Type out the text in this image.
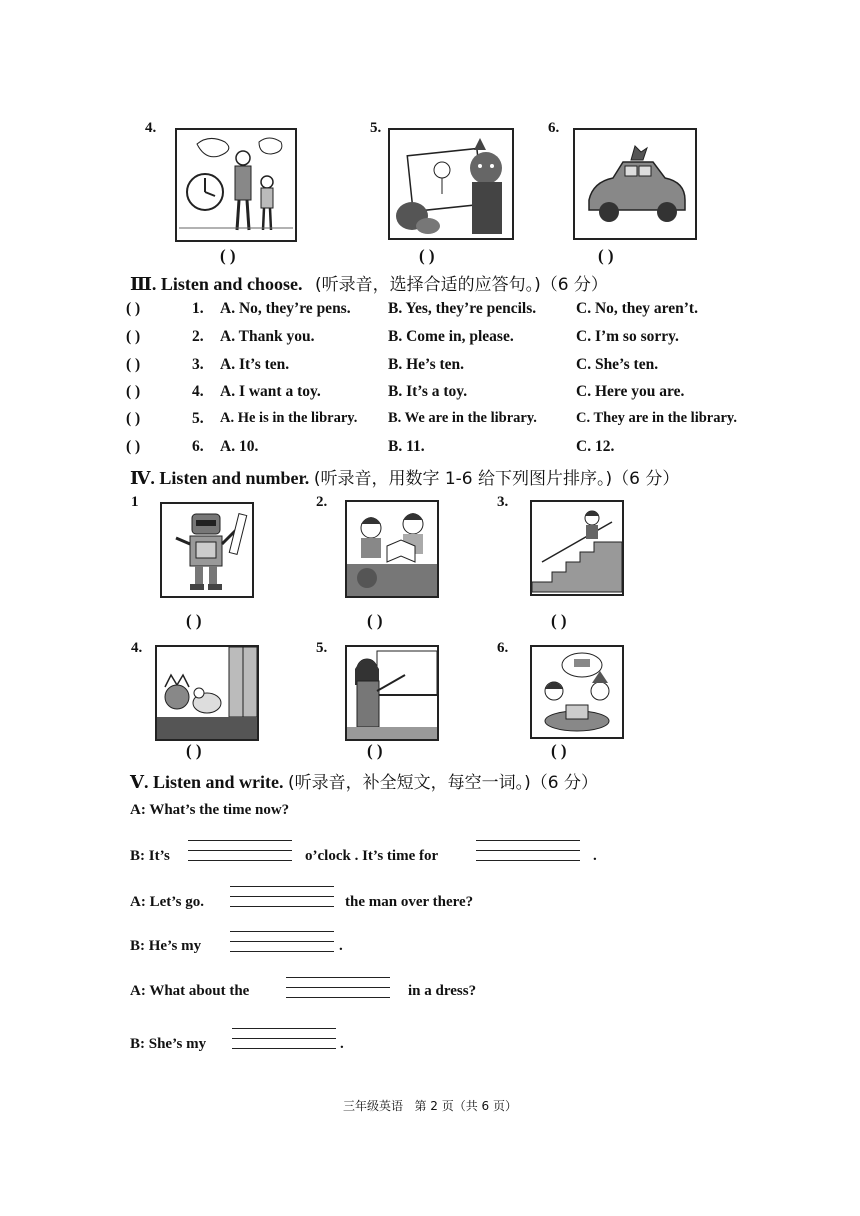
4.
( )
5.
( )
6.
( )
Ⅲ. Listen and choose. (听录音，选择合适的应答句。)（6 分）
( )	1. A. No, they’re pens. B. Yes, they’re pencils.	C. No, they aren’t.
( )	2. A. Thank you.	B. Come in, please.	C. I’m so sorry.
( )	3. A. It’s ten.	B. He’s ten.	C. She’s ten.
( )	4. A. I want a toy.	B. It’s a toy.	C. Here you are.
( )	5. A. He is in the library. B. We are in the library.	C. They are in the library.
( )	6. A. 10.	B. 11.	C. 12.
Ⅳ. Listen and number. (听录音，用数字 1-6 给下列图片排序。)（6 分）
1
( )
2.
( )
3.
( )
4.
( )
5.
( )
6.
( )
Ⅴ. Listen and write. (听录音，补全短文，每空一词。)（6 分）
A: What’s the time now?
B: It’s	o’clock . It’s time for	.
A: Let’s go.	the man over there?
B: He’s my	.
A: What about the	in a dress?
B: She’s my	.
三年级英语   第 2 页（共 6 页）
